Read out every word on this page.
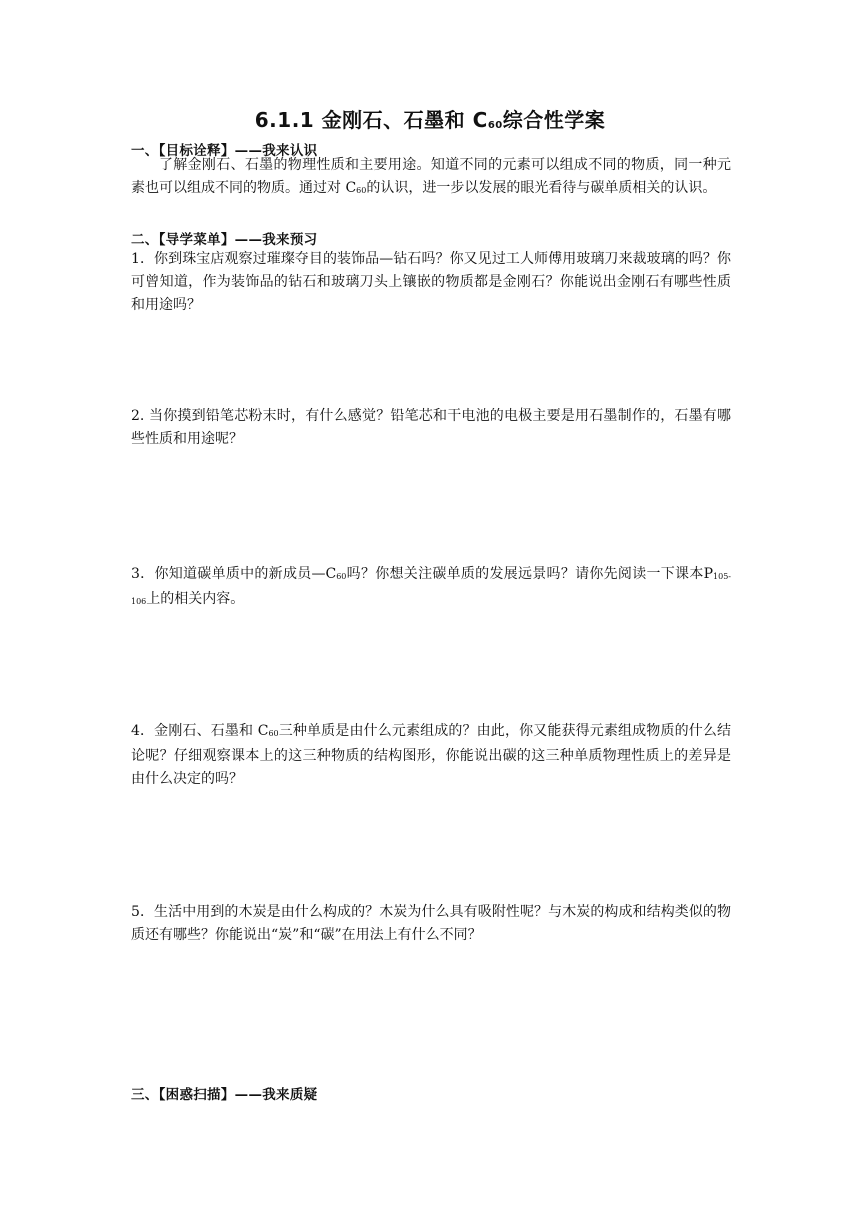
6.1.1 金刚石、石墨和 $C_{60}$综合性学案
一、【目标诠释】——我来认识
了解金刚石、石墨的物理性质和主要用途。知道不同的元素可以组成不同的物质，同一种元素也可以组成不同的物质。通过对 $C_{60}$的认识，进一步以发展的眼光看待与碳单质相关的认识。
二、【导学菜单】——我来预习
1．你到珠宝店观察过璀璨夺目的装饰品—钻石吗？你又见过工人师傅用玻璃刀来裁玻璃的吗？你可曾知道，作为装饰品的钻石和玻璃刀头上镶嵌的物质都是金刚石？你能说出金刚石有哪些性质和用途吗？
2. 当你摸到铅笔芯粉末时，有什么感觉？铅笔芯和干电池的电极主要是用石墨制作的，石墨有哪些性质和用途呢？
3．你知道碳单质中的新成员$—C_{60}$吗？你想关注碳单质的发展远景吗？请你先阅读一下课本$P_{105-106}$上的相关内容。
4．金刚石、石墨和 $C_{60}$三种单质是由什么元素组成的？由此，你又能获得元素组成物质的什么结论呢？仔细观察课本上的这三种物质的结构图形，你能说出碳的这三种单质物理性质上的差异是由什么决定的吗？
5．生活中用到的木炭是由什么构成的？木炭为什么具有吸附性呢？与木炭的构成和结构类似的物质还有哪些？你能说出“炭”和“碳”在用法上有什么不同？
三、【困惑扫描】——我来质疑
